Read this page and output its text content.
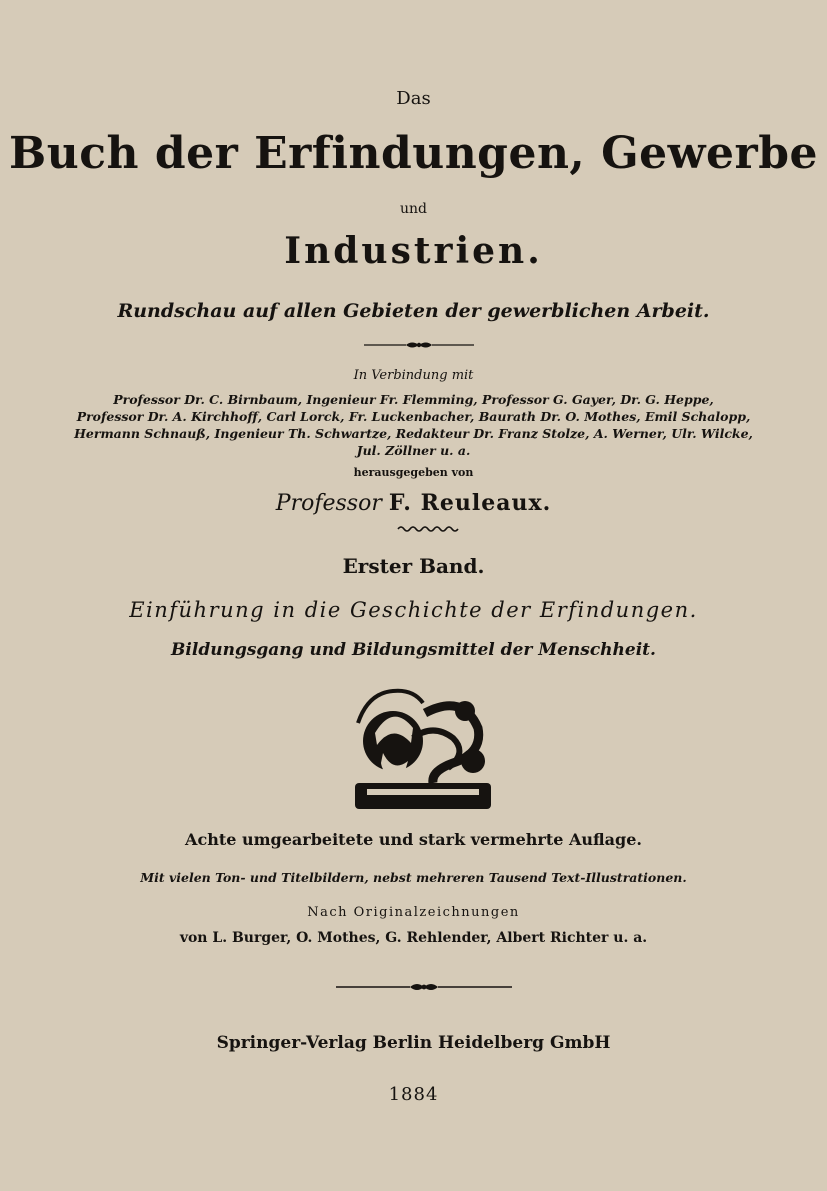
Das
Buch der Erfindungen, Gewerbe
und
Industrien.
Rundschau auf allen Gebieten der gewerblichen Arbeit.
In Verbindung mit
Professor Dr. C. Birnbaum, Ingenieur Fr. Flemming, Professor G. Gayer, Dr. G. Heppe,
Professor Dr. A. Kirchhoff, Carl Lorck, Fr. Luckenbacher, Baurath Dr. O. Mothes, Emil Schalopp,
Hermann Schnauß, Ingenieur Th. Schwartze, Redakteur Dr. Franz Stolze, A. Werner, Ulr. Wilcke,
Jul. Zöllner u. a.
herausgegeben von
Professor F. Reuleaux.
Erster Band.
Einführung in die Geschichte der Erfindungen.
Bildungsgang und Bildungsmittel der Menschheit.
Achte umgearbeitete und stark vermehrte Auflage.
Mit vielen Ton- und Titelbildern, nebst mehreren Tausend Text-Illustrationen.
Nach Originalzeichnungen
von L. Burger, O. Mothes, G. Rehlender, Albert Richter u. a.
Springer-Verlag Berlin Heidelberg GmbH
1884
